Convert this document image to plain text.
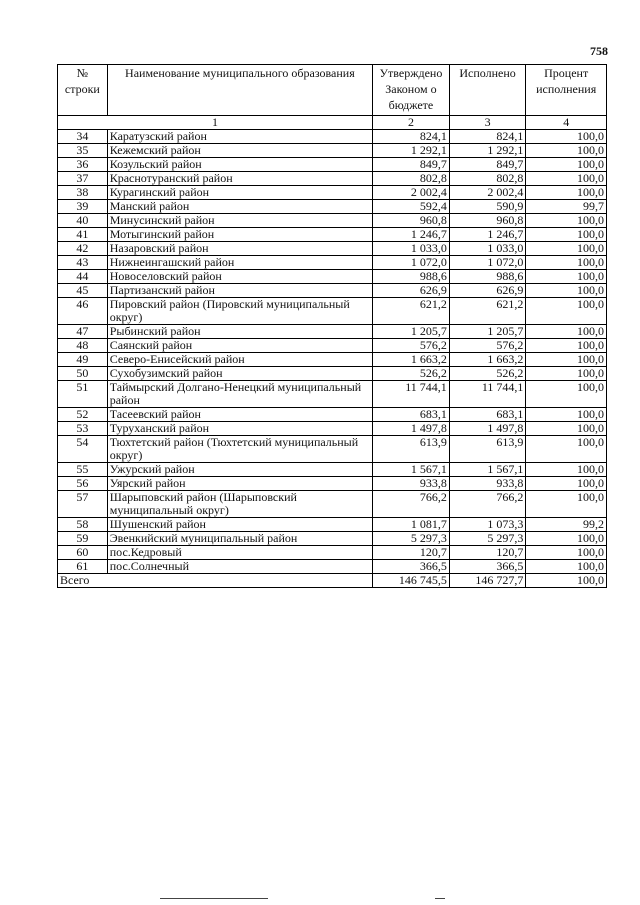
758
№ строки	Наименование муниципального образования	Утверждено Законом о бюджете	Исполнено	Процент исполнения
1		2	3	4
34	Каратузский район	824,1	824,1	100,0
35	Кежемский район	1 292,1	1 292,1	100,0
36	Козульский район	849,7	849,7	100,0
37	Краснотуранский район	802,8	802,8	100,0
38	Курагинский район	2 002,4	2 002,4	100,0
39	Манский район	592,4	590,9	99,7
40	Минусинский район	960,8	960,8	100,0
41	Мотыгинский район	1 246,7	1 246,7	100,0
42	Назаровский район	1 033,0	1 033,0	100,0
43	Нижнеингашский район	1 072,0	1 072,0	100,0
44	Новоселовский район	988,6	988,6	100,0
45	Партизанский район	626,9	626,9	100,0
46	Пировский район (Пировский муниципальный округ)	621,2	621,2	100,0
47	Рыбинский район	1 205,7	1 205,7	100,0
48	Саянский район	576,2	576,2	100,0
49	Северо-Енисейский район	1 663,2	1 663,2	100,0
50	Сухобузимский район	526,2	526,2	100,0
51	Таймырский Долгано-Ненецкий муниципальный район	11 744,1	11 744,1	100,0
52	Тасеевский район	683,1	683,1	100,0
53	Туруханский район	1 497,8	1 497,8	100,0
54	Тюхтетский район (Тюхтетский муниципальный округ)	613,9	613,9	100,0
55	Ужурский район	1 567,1	1 567,1	100,0
56	Уярский район	933,8	933,8	100,0
57	Шарыповский район (Шарыповский муниципальный округ)	766,2	766,2	100,0
58	Шушенский район	1 081,7	1 073,3	99,2
59	Эвенкийский муниципальный район	5 297,3	5 297,3	100,0
60	пос.Кедровый	120,7	120,7	100,0
61	пос.Солнечный	366,5	366,5	100,0
Всего		146 745,5	146 727,7	100,0
